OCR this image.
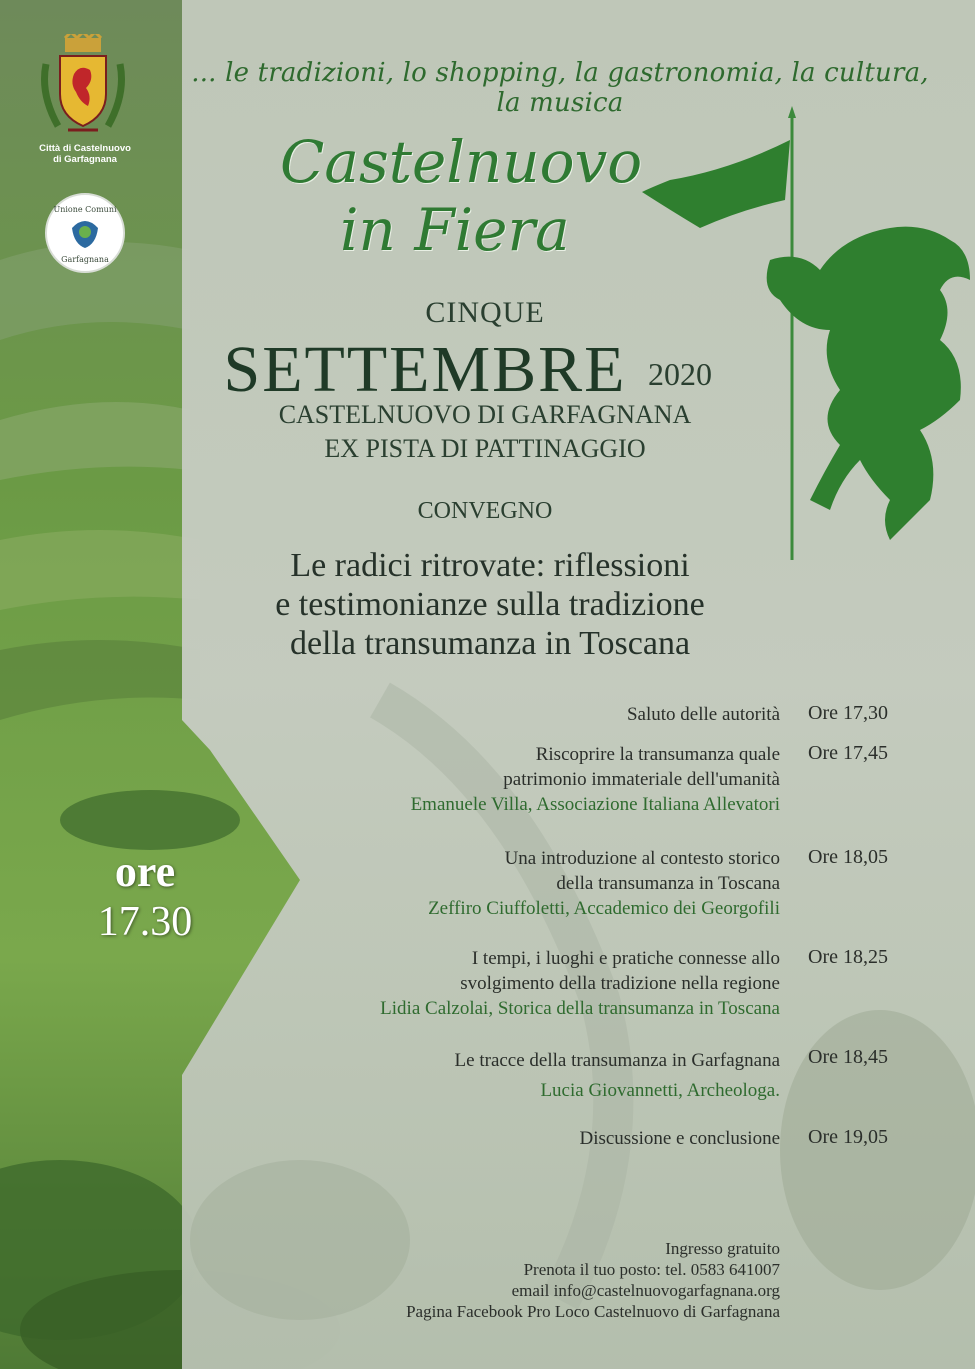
Città di Castelnuovo
di Garfagnana
Unione Comuni
Garfagnana
... le tradizioni, lo shopping, la gastronomia, la cultura, la musica
Castelnuovo
in Fiera
CINQUE
SETTEMBRE 2020
CASTELNUOVO DI GARFAGNANA
EX PISTA DI PATTINAGGIO
CONVEGNO
Le radici ritrovate: riflessioni
e testimonianze sulla tradizione
della transumanza in Toscana
ore
17.30
Saluto delle autorità Ore 17,30
Riscoprire la transumanza quale
patrimonio immateriale dell'umanità
Emanuele Villa, Associazione Italiana Allevatori
Ore 17,45
Una introduzione al contesto storico
della transumanza in Toscana
Zeffiro Ciuffoletti, Accademico dei Georgofili
Ore 18,05
I tempi, i luoghi e pratiche connesse allo
svolgimento della tradizione nella regione
Lidia Calzolai, Storica della transumanza in Toscana
Ore 18,25
Le tracce della transumanza in Garfagnana
Lucia Giovannetti, Archeologa.
Ore 18,45
Discussione e conclusione Ore 19,05
Ingresso gratuito
Prenota il tuo posto: tel. 0583 641007
email info@castelnuovogarfagnana.org
Pagina Facebook Pro Loco Castelnuovo di Garfagnana
